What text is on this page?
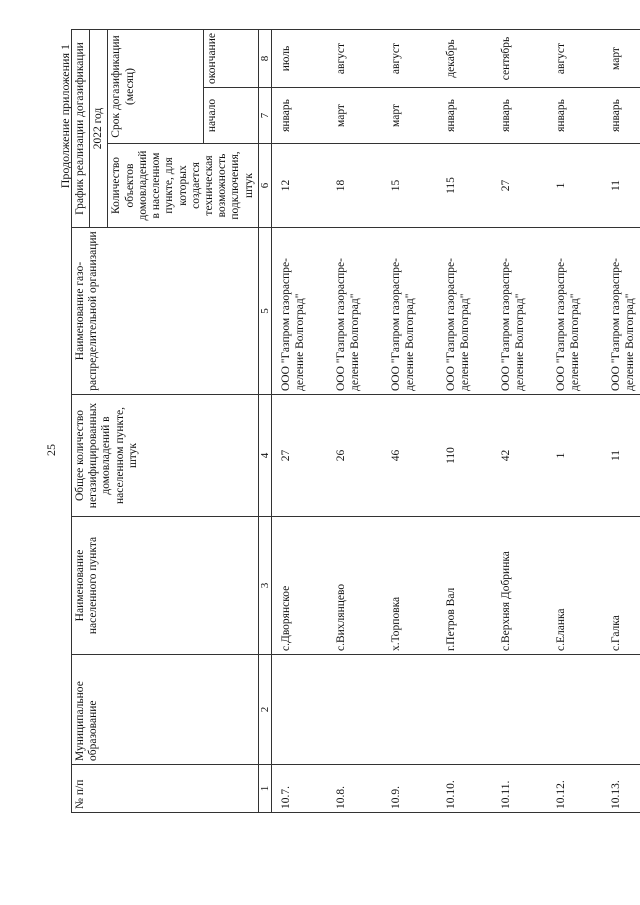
25
Продолжение приложения 1
№ п/п	Муниципальное образование	Наименование населенного пункта	Общее количество негазифицированных домовладений в населенном пункте, штук	Наименование газо-распределительной организации	График реализации догазификации		
					2022 год		
					Количество объектов домовладений в населенном пункте, для которых создается техническая возможность подключения, штук	Срок догазификации (месяц)	
						начало	окончание
1	2	3	4	5	6	7	8
10.7.		с.Дворянское	27	ООО "Газпром газораспре-деление Волгоград"	12	январь	июль
10.8.		с.Вихлянцево	26	ООО "Газпром газораспре-деление Волгоград"	18	март	август
10.9.		х.Торповка	46	ООО "Газпром газораспре-деление Волгоград"	15	март	август
10.10.		г.Петров Вал	110	ООО "Газпром газораспре-деление Волгоград"	115	январь	декабрь
10.11.		с.Верхняя Добринка	42	ООО "Газпром газораспре-деление Волгоград"	27	январь	сентябрь
10.12.		с.Еланка	1	ООО "Газпром газораспре-деление Волгоград"	1	январь	август
10.13.		с.Галка	11	ООО "Газпром газораспре-деление Волгоград"	11	январь	март
